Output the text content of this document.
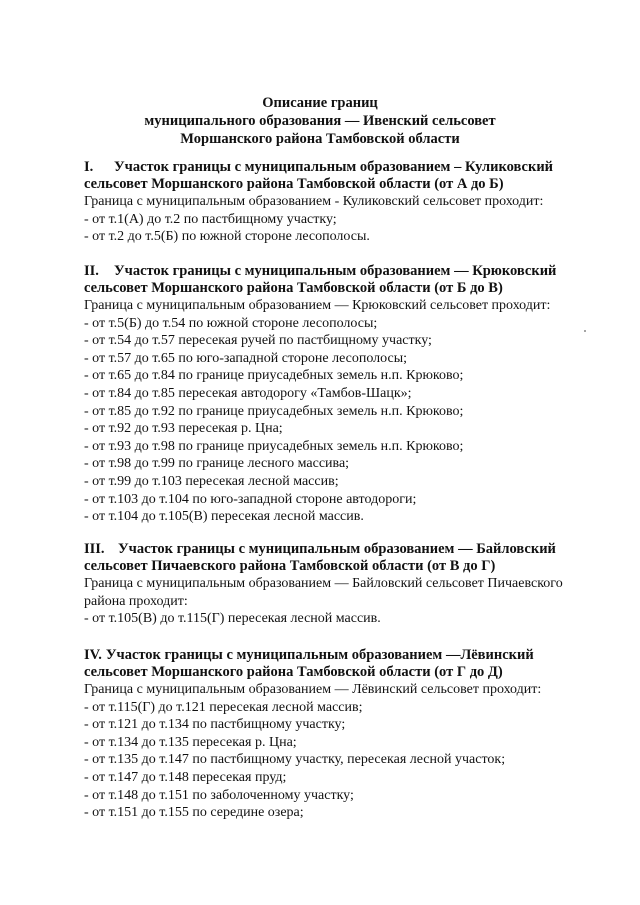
Описание границ
муниципального образования — Ивенский сельсовет
Моршанского района Тамбовской области
I. Участок границы с муниципальным образованием – Куликовский
сельсовет Моршанского района Тамбовской области (от А до Б)
Граница с муниципальным образованием - Куликовский сельсовет проходит:
- от т.1(А) до т.2 по пастбищному участку;
- от т.2 до т.5(Б) по южной стороне лесополосы.
II. Участок границы с муниципальным образованием — Крюковский
сельсовет Моршанского района Тамбовской области (от Б до В)
Граница с муниципальным образованием — Крюковский сельсовет проходит:
- от т.5(Б) до т.54 по южной стороне лесополосы;
- от т.54 до т.57 пересекая ручей по пастбищному участку;
- от т.57 до т.65 по юго-западной стороне лесополосы;
- от т.65 до т.84 по границе приусадебных земель н.п. Крюково;
- от т.84 до т.85 пересекая автодорогу «Тамбов-Шацк»;
- от т.85 до т.92 по границе приусадебных земель н.п. Крюково;
- от т.92 до т.93 пересекая р. Цна;
- от т.93 до т.98 по границе приусадебных земель н.п. Крюково;
- от т.98 до т.99 по границе лесного массива;
- от т.99 до т.103 пересекая лесной массив;
- от т.103 до т.104 по юго-западной стороне автодороги;
- от т.104 до т.105(В) пересекая лесной массив.
III. Участок границы с муниципальным образованием — Байловский
сельсовет Пичаевского района Тамбовской области (от В до Г)
Граница с муниципальным образованием — Байловский сельсовет Пичаевского
района проходит:
- от т.105(В) до т.115(Г) пересекая лесной массив.
IV. Участок границы с муниципальным образованием —Лёвинский
сельсовет Моршанского района Тамбовской области (от Г до Д)
Граница с муниципальным образованием — Лёвинский сельсовет проходит:
- от т.115(Г) до т.121 пересекая лесной массив;
- от т.121 до т.134 по пастбищному участку;
- от т.134 до т.135 пересекая р. Цна;
- от т.135 до т.147 по пастбищному участку, пересекая лесной участок;
- от т.147 до т.148 пересекая пруд;
- от т.148 до т.151 по заболоченному участку;
- от т.151 до т.155 по середине озера;
